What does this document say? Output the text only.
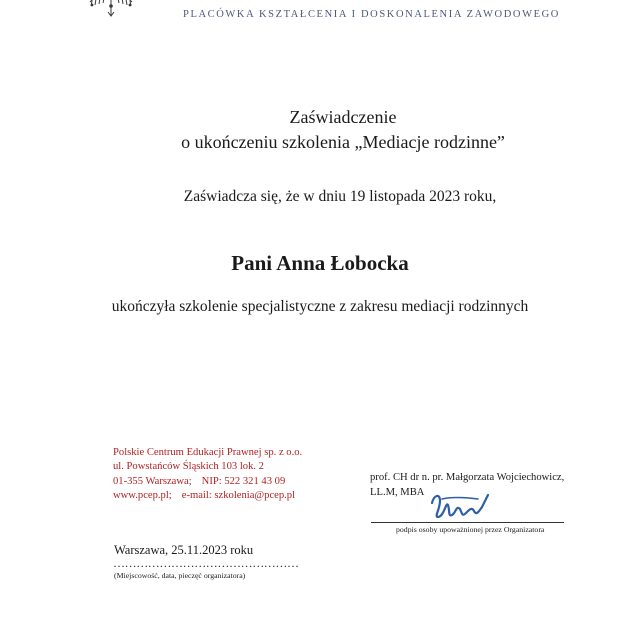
PLACÓWKA KSZTAŁCENIA I DOSKONALENIA ZAWODOWEGO
Zaświadczenie
o ukończeniu szkolenia „Mediacje rodzinne”
Zaświadcza się, że w dniu 19 listopada 2023 roku,
Pani Anna Łobocka
ukończyła szkolenie specjalistyczne z zakresu mediacji rodzinnych
Polskie Centrum Edukacji Prawnej sp. z o.o.
ul. Powstańców Śląskich 103 lok. 2
01-355 Warszawa; NIP: 522 321 43 09
www.pcep.pl; e-mail: szkolenia@pcep.pl
prof. CH dr n. pr. Małgorzata Wojciechowicz,
LL.M, MBA
podpis osoby upoważnionej przez Organizatora
Warszawa, 25.11.2023 roku
…………………………………………
(Miejscowość, data, pieczęć organizatora)
